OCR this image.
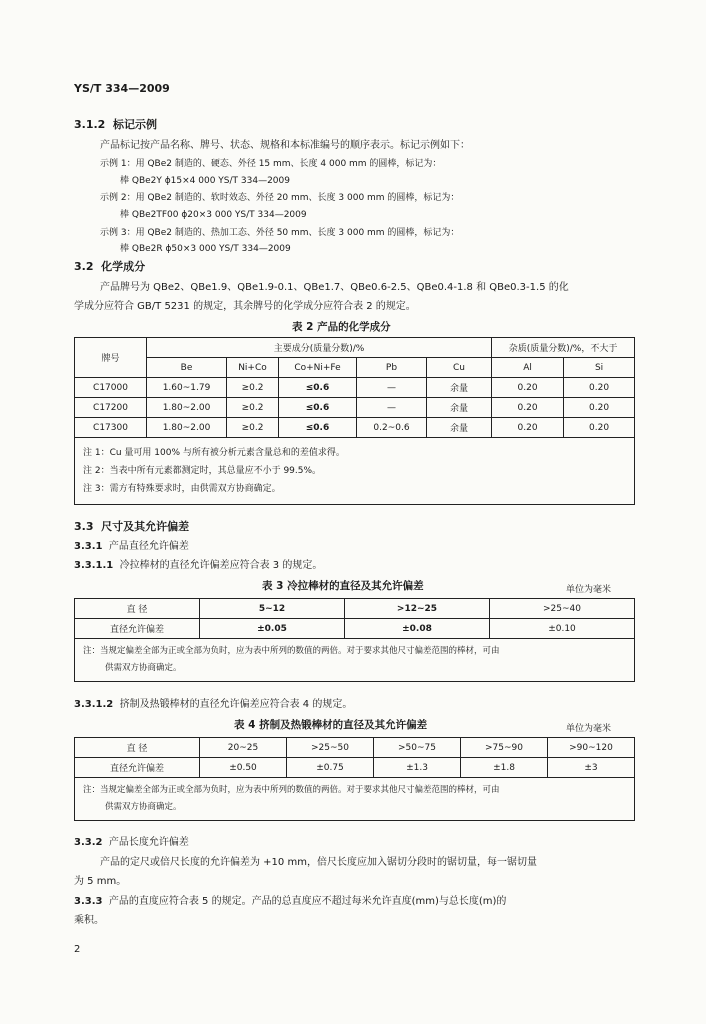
YS/T 334—2009
3.1.2 标记示例
产品标记按产品名称、牌号、状态、规格和本标准编号的顺序表示。标记示例如下：
示例 1：用 QBe2 制造的、硬态、外径 15 mm、长度 4 000 mm 的圆棒，标记为：
棒 QBe2Y ϕ15×4 000 YS/T 334—2009
示例 2：用 QBe2 制造的、软时效态、外径 20 mm、长度 3 000 mm 的圆棒，标记为：
棒 QBe2TF00 ϕ20×3 000 YS/T 334—2009
示例 3：用 QBe2 制造的、热加工态、外径 50 mm、长度 3 000 mm 的圆棒，标记为：
棒 QBe2R ϕ50×3 000 YS/T 334—2009
3.2 化学成分
产品牌号为 QBe2、QBe1.9、QBe1.9-0.1、QBe1.7、QBe0.6-2.5、QBe0.4-1.8 和 QBe0.3-1.5 的化
学成分应符合 GB/T 5231 的规定，其余牌号的化学成分应符合表 2 的规定。
表 2 产品的化学成分
牌号	主要成分(质量分数)/%					杂质(质量分数)/%，不大于	
	Be	Ni+Co	Co+Ni+Fe	Pb	Cu	Al	Si
C17000	1.60~1.79	≥0.2	≤0.6	—	余量	0.20	0.20
C17200	1.80~2.00	≥0.2	≤0.6	—	余量	0.20	0.20
C17300	1.80~2.00	≥0.2	≤0.6	0.2~0.6	余量	0.20	0.20

注 1：Cu 量可用 100% 与所有被分析元素含量总和的差值求得。
注 2：当表中所有元素都测定时，其总量应不小于 99.5%。
注 3：需方有特殊要求时，由供需双方协商确定。							
3.3 尺寸及其允许偏差
3.3.1 产品直径允许偏差
3.3.1.1 冷拉棒材的直径允许偏差应符合表 3 的规定。
表 3 冷拉棒材的直径及其允许偏差	单位为毫米
直 径	5~12	>12~25	>25~40
直径允许偏差	±0.05	±0.08	±0.10

注：当规定偏差全部为正或全部为负时，应为表中所列的数值的两倍。对于要求其他尺寸偏差范围的棒材，可由
供需双方协商确定。			
3.3.1.2 挤制及热锻棒材的直径允许偏差应符合表 4 的规定。
表 4 挤制及热锻棒材的直径及其允许偏差	单位为毫米
直 径	20~25	>25~50	>50~75	>75~90	>90~120
直径允许偏差	±0.50	±0.75	±1.3	±1.8	±3

注：当规定偏差全部为正或全部为负时，应为表中所列的数值的两倍。对于要求其他尺寸偏差范围的棒材，可由
供需双方协商确定。					
3.3.2 产品长度允许偏差
产品的定尺或倍尺长度的允许偏差为 +10 mm，倍尺长度应加入锯切分段时的锯切量，每一锯切量
为 5 mm。
3.3.3 产品的直度应符合表 5 的规定。产品的总直度应不超过每米允许直度(mm)与总长度(m)的
乘积。
2
